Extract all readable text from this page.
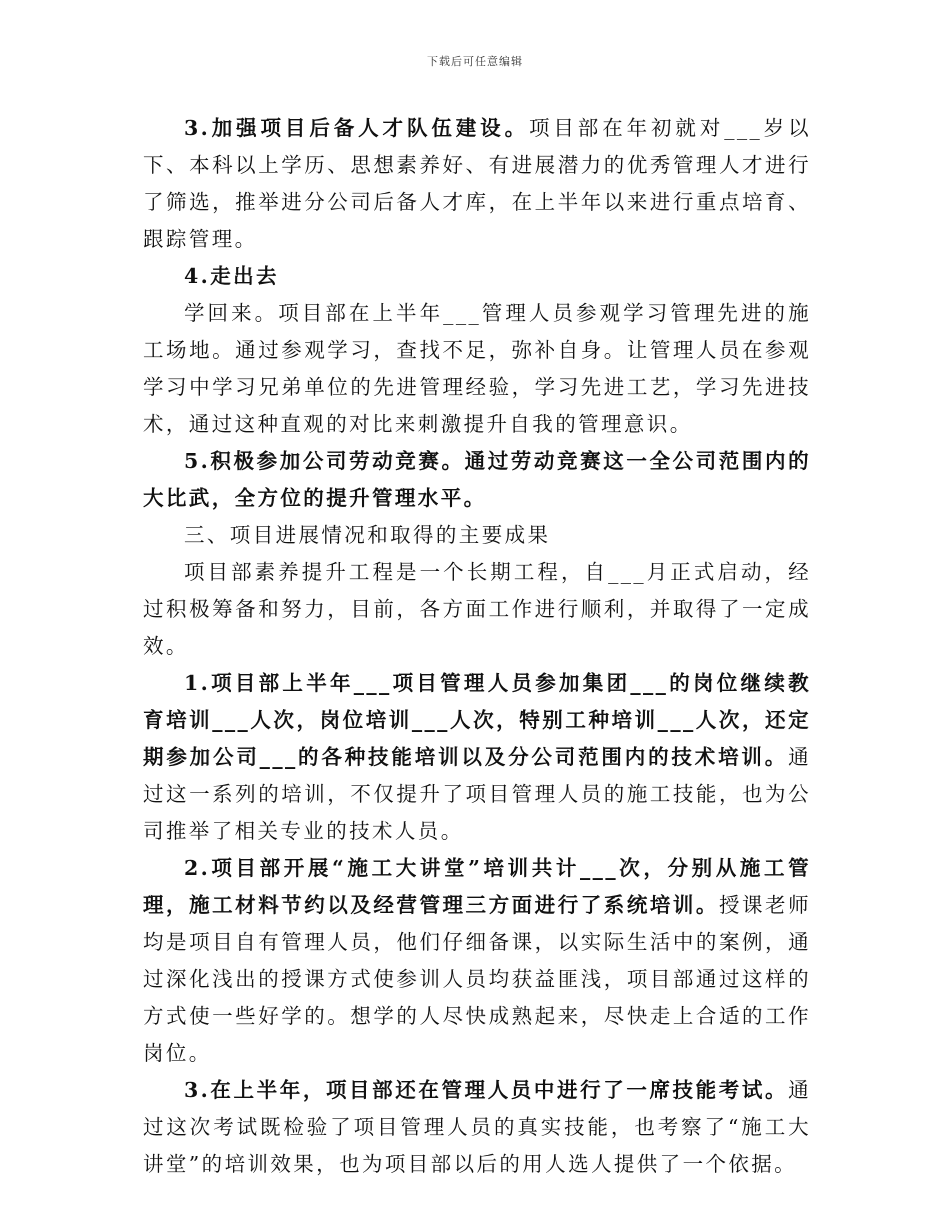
下载后可任意编辑

3.加强项目后备人才队伍建设。项目部在年初就对___岁以下、本科以上学历、思想素养好、有进展潜力的优秀管理人才进行了筛选，推举进分公司后备人才库，在上半年以来进行重点培育、跟踪管理。

4.走出去

学回来。项目部在上半年___管理人员参观学习管理先进的施工场地。通过参观学习，查找不足，弥补自身。让管理人员在参观学习中学习兄弟单位的先进管理经验，学习先进工艺，学习先进技术，通过这种直观的对比来刺激提升自我的管理意识。

5.积极参加公司劳动竞赛。通过劳动竞赛这一全公司范围内的大比武，全方位的提升管理水平。

三、项目进展情况和取得的主要成果

项目部素养提升工程是一个长期工程，自___月正式启动，经过积极筹备和努力，目前，各方面工作进行顺利，并取得了一定成效。

1.项目部上半年___项目管理人员参加集团___的岗位继续教育培训___人次，岗位培训___人次，特别工种培训___人次，还定期参加公司___的各种技能培训以及分公司范围内的技术培训。通过这一系列的培训，不仅提升了项目管理人员的施工技能，也为公司推举了相关专业的技术人员。

2.项目部开展“施工大讲堂”培训共计___次，分别从施工管理，施工材料节约以及经营管理三方面进行了系统培训。授课老师均是项目自有管理人员，他们仔细备课，以实际生活中的案例，通过深化浅出的授课方式使参训人员均获益匪浅，项目部通过这样的方式使一些好学的。想学的人尽快成熟起来，尽快走上合适的工作岗位。

3.在上半年，项目部还在管理人员中进行了一席技能考试。通过这次考试既检验了项目管理人员的真实技能，也考察了“施工大讲堂”的培训效果，也为项目部以后的用人选人提供了一个依据。
